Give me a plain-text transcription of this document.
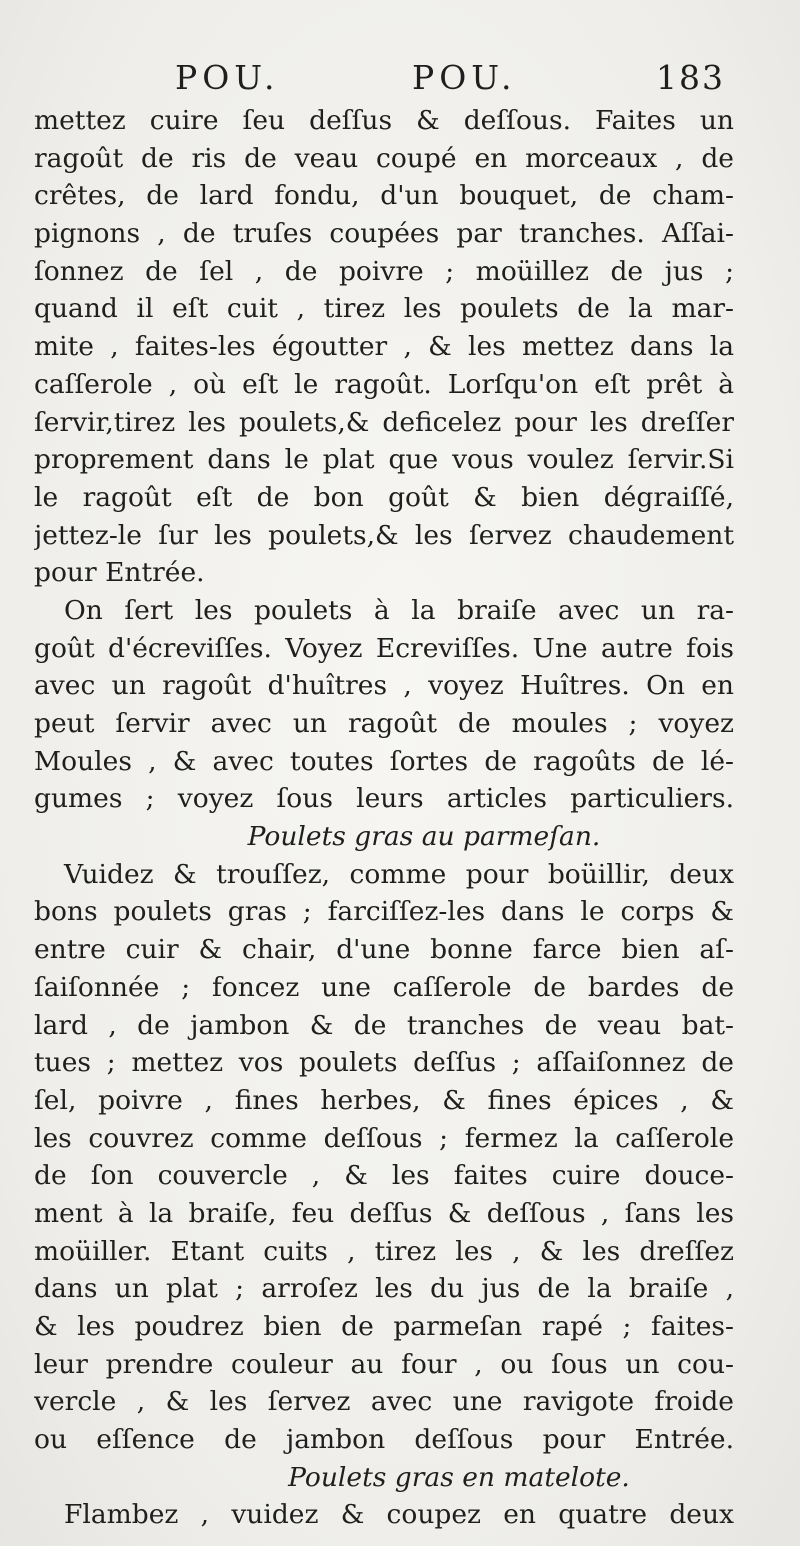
POU.	POU.	183
mettez cuire ſeu deſſus & deſſous. Faites un
ragoût de ris de veau coupé en morceaux , de
crêtes, de lard fondu, d'un bouquet, de cham-
pignons , de truſes coupées par tranches. Aſſai-
ſonnez de ſel , de poivre ; moüillez de jus ;
quand il eſt cuit , tirez les poulets de la mar-
mite , faites-les égoutter , & les mettez dans la
caſſerole , où eſt le ragoût. Lorſqu'on eſt prêt à
ſervir,tirez les poulets,& deficelez pour les dreſſer
proprement dans le plat que vous voulez ſervir.Si
le ragoût eſt de bon goût & bien dégraiſſé,
jettez-le ſur les poulets,& les ſervez chaudement
pour Entrée.
On ſert les poulets à la braiſe avec un ra-
goût d'écreviſſes. Voyez Ecreviſſes. Une autre fois
avec un ragoût d'huîtres , voyez Huîtres. On en
peut ſervir avec un ragoût de moules ; voyez
Moules , & avec toutes ſortes de ragoûts de lé-
gumes ; voyez ſous leurs articles particuliers.
Poulets gras au parmeſan.
Vuidez & trouſſez, comme pour boüillir, deux
bons poulets gras ; farciſſez-les dans le corps &
entre cuir & chair, d'une bonne farce bien aſ-
ſaiſonnée ; foncez une caſſerole de bardes de
lard , de jambon & de tranches de veau bat-
tues ; mettez vos poulets deſſus ; aſſaiſonnez de
ſel, poivre , fines herbes, & fines épices , &
les couvrez comme deſſous ; fermez la caſſerole
de ſon couvercle , & les faites cuire douce-
ment à la braiſe, feu deſſus & deſſous , ſans les
moüiller. Etant cuits , tirez les , & les dreſſez
dans un plat ; arroſez les du jus de la braiſe ,
& les poudrez bien de parmeſan rapé ; faites-
leur prendre couleur au four , ou ſous un cou-
vercle , & les ſervez avec une ravigote froide
ou eſſence de jambon deſſous pour Entrée.
Poulets gras en matelote.
Flambez , vuidez & coupez en quatre deux
